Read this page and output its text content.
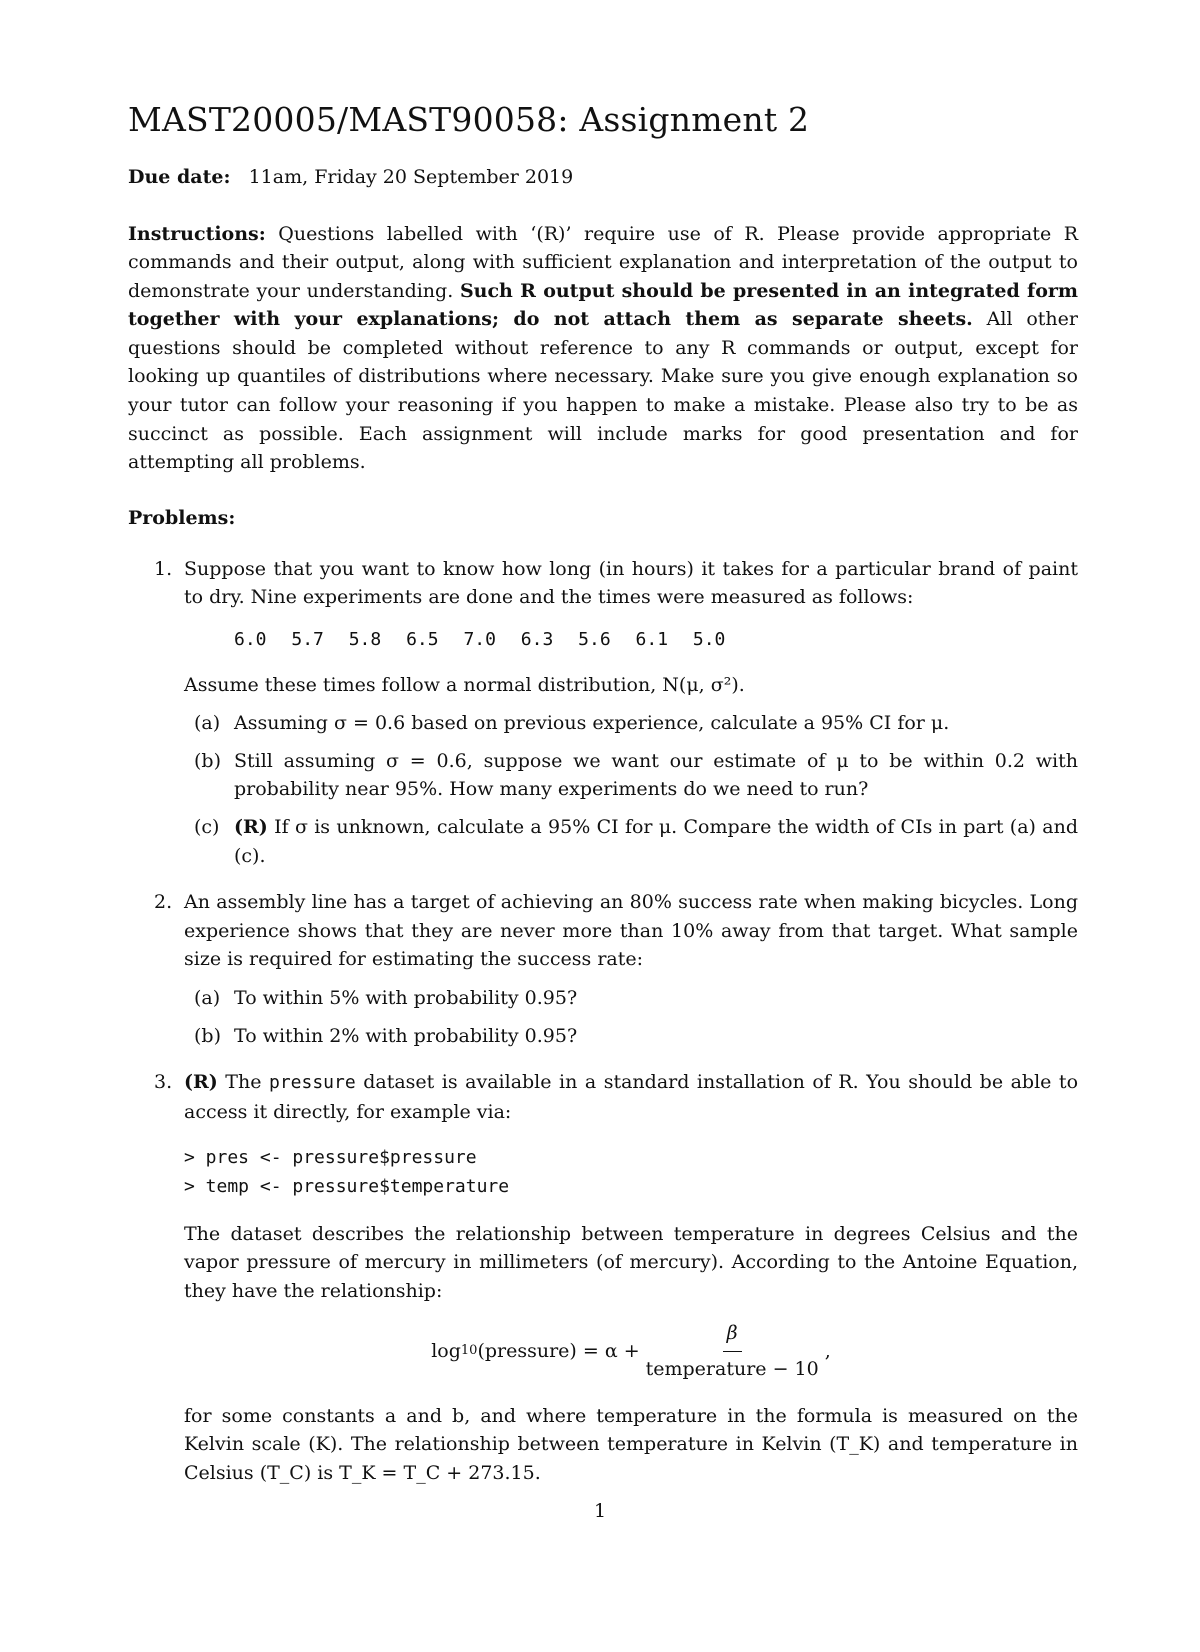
MAST20005/MAST90058: Assignment 2
Due date: 11am, Friday 20 September 2019

Instructions: Questions labelled with ‘(R)’ require use of R. Please provide appropriate R commands and their output, along with sufficient explanation and interpretation of the output to demonstrate your understanding. Such R output should be presented in an integrated form together with your explanations; do not attach them as separate sheets. All other questions should be completed without reference to any R commands or output, except for looking up quantiles of distributions where necessary. Make sure you give enough explanation so your tutor can follow your reasoning if you happen to make a mistake. Please also try to be as succinct as possible. Each assignment will include marks for good presentation and for attempting all problems.

Problems:
1. Suppose that you want to know how long (in hours) it takes for a particular brand of paint to dry. Nine experiments are done and the times were measured as follows:
6.0 5.7 5.8 6.5 7.0 6.3 5.6 6.1 5.0
Assume these times follow a normal distribution, N(μ, σ²).
(a) Assuming σ = 0.6 based on previous experience, calculate a 95% CI for μ.
(b) Still assuming σ = 0.6, suppose we want our estimate of μ to be within 0.2 with probability near 95%. How many experiments do we need to run?
(c) (R) If σ is unknown, calculate a 95% CI for μ. Compare the width of CIs in part (a) and (c).
2. An assembly line has a target of achieving an 80% success rate when making bicycles. Long experience shows that they are never more than 10% away from that target. What sample size is required for estimating the success rate:
(a) To within 5% with probability 0.95?
(b) To within 2% with probability 0.95?
3. (R) The pressure dataset is available in a standard installation of R. You should be able to access it directly, for example via:
> pres <- pressure$pressure
> temp <- pressure$temperature
The dataset describes the relationship between temperature in degrees Celsius and the vapor pressure of mercury in millimeters (of mercury). According to the Antoine Equation, they have the relationship:
log 10 (pressure) = $\alpha + \frac{\beta}{\text{temperature − 10}}$ ,
for some constants a and b, and where temperature in the formula is measured on the Kelvin scale (K). The relationship between temperature in Kelvin (T_K) and temperature in Celsius (T_C) is T_K = T_C + 273.15.
1
